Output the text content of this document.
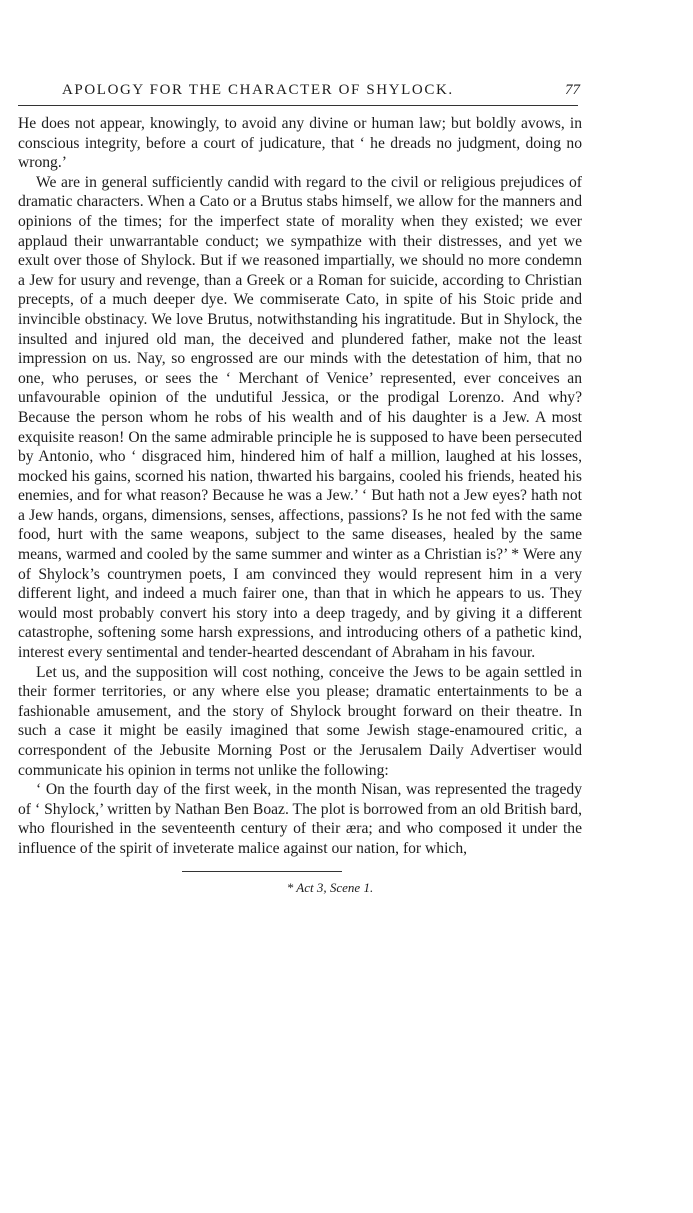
APOLOGY FOR THE CHARACTER OF SHYLOCK.	77

He does not appear, knowingly, to avoid any divine or human law; but boldly avows, in conscious integrity, before a court of judicature, that ‘ he dreads no judgment, doing no wrong.’

We are in general sufficiently candid with regard to the civil or religious prejudices of dramatic characters. When a Cato or a Brutus stabs himself, we allow for the manners and opinions of the times; for the imperfect state of morality when they existed; we ever applaud their unwarrantable conduct; we sympathize with their distresses, and yet we exult over those of Shylock. But if we reasoned impartially, we should no more condemn a Jew for usury and revenge, than a Greek or a Roman for suicide, according to Christian precepts, of a much deeper dye. We commiserate Cato, in spite of his Stoic pride and invincible obstinacy. We love Brutus, notwithstanding his ingratitude. But in Shylock, the insulted and injured old man, the deceived and plundered father, make not the least impression on us. Nay, so engrossed are our minds with the detestation of him, that no one, who peruses, or sees the ‘ Merchant of Venice’ represented, ever conceives an unfavourable opinion of the undutiful Jessica, or the prodigal Lorenzo. And why? Because the person whom he robs of his wealth and of his daughter is a Jew. A most exquisite reason! On the same admirable principle he is supposed to have been persecuted by Antonio, who ‘ disgraced him, hindered him of half a million, laughed at his losses, mocked his gains, scorned his nation, thwarted his bargains, cooled his friends, heated his enemies, and for what reason? Because he was a Jew.’ ‘ But hath not a Jew eyes? hath not a Jew hands, organs, dimensions, senses, affections, passions? Is he not fed with the same food, hurt with the same weapons, subject to the same diseases, healed by the same means, warmed and cooled by the same summer and winter as a Christian is?’ * Were any of Shylock’s countrymen poets, I am convinced they would represent him in a very different light, and indeed a much fairer one, than that in which he appears to us. They would most probably convert his story into a deep tragedy, and by giving it a different catastrophe, softening some harsh expressions, and introducing others of a pathetic kind, interest every sentimental and tender-hearted descendant of Abraham in his favour.

Let us, and the supposition will cost nothing, conceive the Jews to be again settled in their former territories, or any where else you please; dramatic entertainments to be a fashionable amusement, and the story of Shylock brought forward on their theatre. In such a case it might be easily imagined that some Jewish stage-enamoured critic, a correspondent of the Jebusite Morning Post or the Jerusalem Daily Advertiser would communicate his opinion in terms not unlike the following:

‘ On the fourth day of the first week, in the month Nisan, was represented the tragedy of ‘ Shylock,’ written by Nathan Ben Boaz. The plot is borrowed from an old British bard, who flourished in the seventeenth century of their æra; and who composed it under the influence of the spirit of inveterate malice against our nation, for which,

* Act 3, Scene 1.
